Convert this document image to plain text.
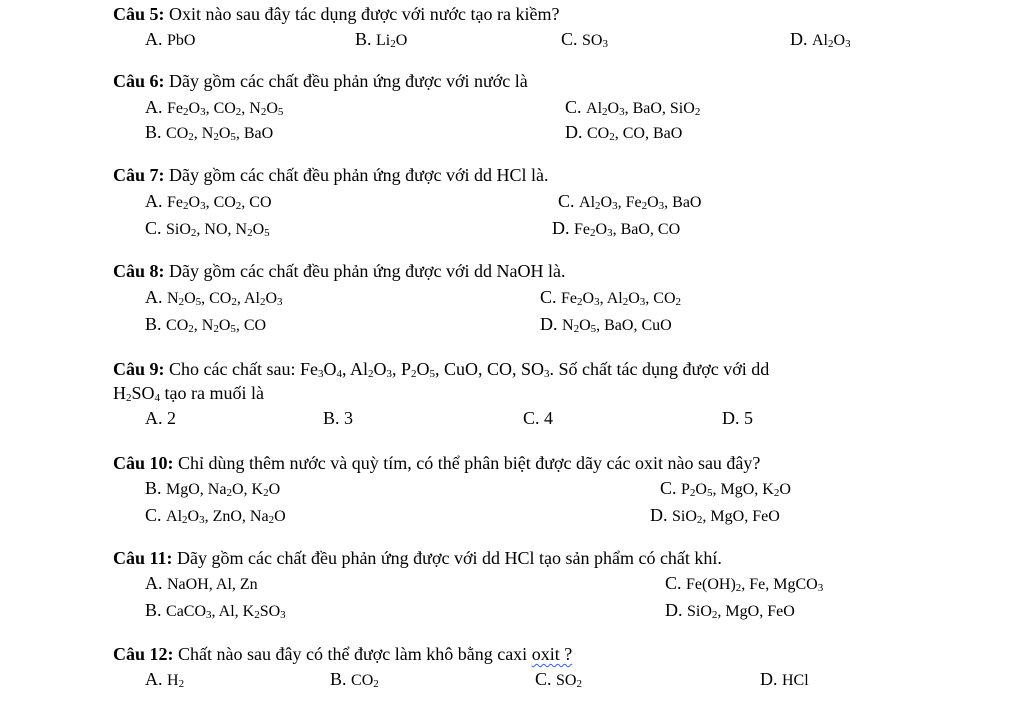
Câu 5: Oxit nào sau đây tác dụng được với nước tạo ra kiềm?
A. PbO	B. $Li_2O$	C. $SO_3$	D. $Al_2O_3$
Câu 6: Dãy gồm các chất đều phản ứng được với nước là
A. $Fe_2O_3$, $CO_2$, $N_2O_5$	C. $Al_2O_3$, BaO, SiO$_2$
B. $CO_2$, $N_2O_5$, BaO	D. $CO_2$, CO, BaO
Câu 7: Dãy gồm các chất đều phản ứng được với dd HCl là.
A. $Fe_2O_3$, $CO_2$, CO	C. $Al_2O_3$, $Fe_2O_3$, BaO
C. SiO$_2$, NO, $N_2O_5$	D. $Fe_2O_3$, BaO, CO
Câu 8: Dãy gồm các chất đều phản ứng được với dd NaOH là.
A. $N_2O_5$, $CO_2$, $Al_2O_3$	C. $Fe_2O_3$, $Al_2O_3$, $CO_2$
B. $CO_2$, $N_2O_5$, CO	D. $N_2O_5$, BaO, CuO
Câu 9: Cho các chất sau: $Fe_3O_4$, $Al_2O_3$, $P_2O_5$, CuO, CO, $SO_3$. Số chất tác dụng được với dd
$H_2SO_4$ tạo ra muối là
A. 2	B. 3	C. 4	D. 5
Câu 10: Chỉ dùng thêm nước và quỳ tím, có thể phân biệt được dãy các oxit nào sau đây?
B. MgO, $Na_2O$, $K_2O$	C. $P_2O_5$, MgO, $K_2O$
C. $Al_2O_3$, ZnO, $Na_2O$	D. SiO$_2$, MgO, FeO
Câu 11: Dãy gồm các chất đều phản ứng được với dd HCl tạo sản phẩm có chất khí.
A. NaOH, Al, Zn	C. $Fe(OH)_2$, Fe, MgCO$_3$
B. CaCO$_3$, Al, $K_2SO_3$	D. SiO$_2$, MgO, FeO
Câu 12: Chất nào sau đây có thể được làm khô bằng caxi oxit ?
A. $H_2$	B. $CO_2$	C. $SO_2$	D. HCl
